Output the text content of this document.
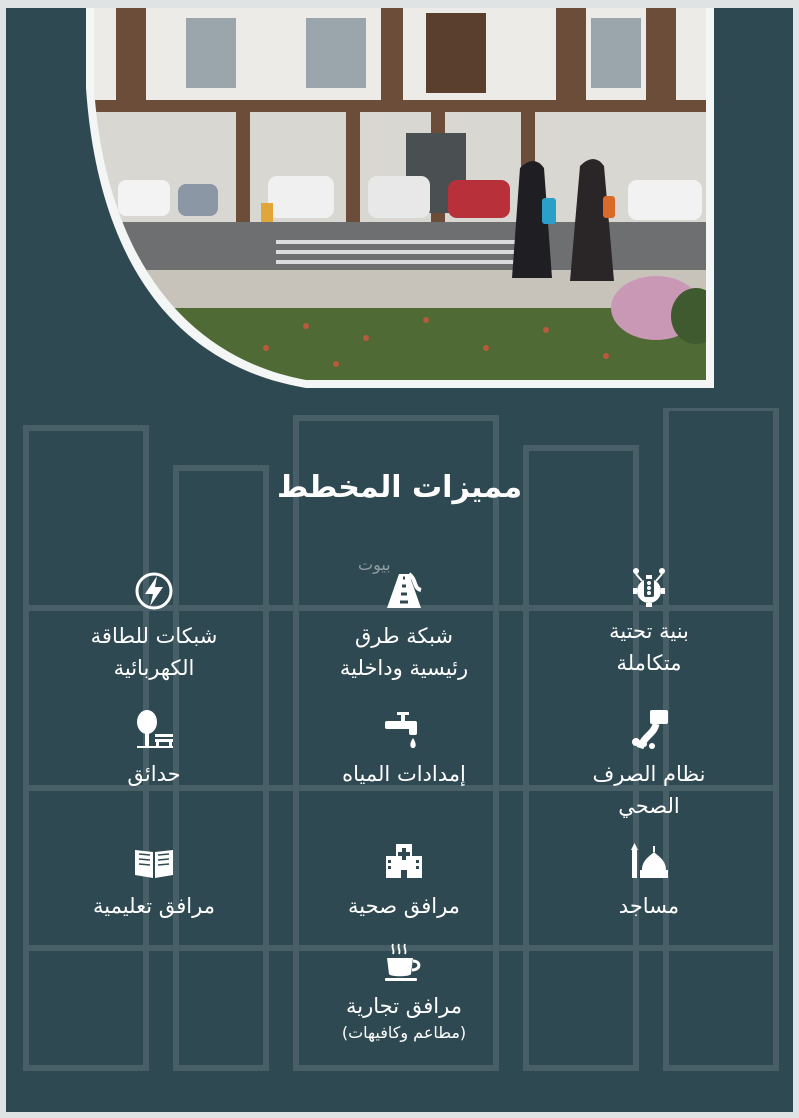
مميزات المخطط
بيوت
بنية تحتية
متكاملة
شبكة طرق
رئيسية وداخلية
شبكات للطاقة
الكهربائية
نظام الصرف
الصحي
إمدادات المياه
حدائق
مساجد
مرافق صحية
مرافق تعليمية
مرافق تجارية
(مطاعم وكافيهات)
